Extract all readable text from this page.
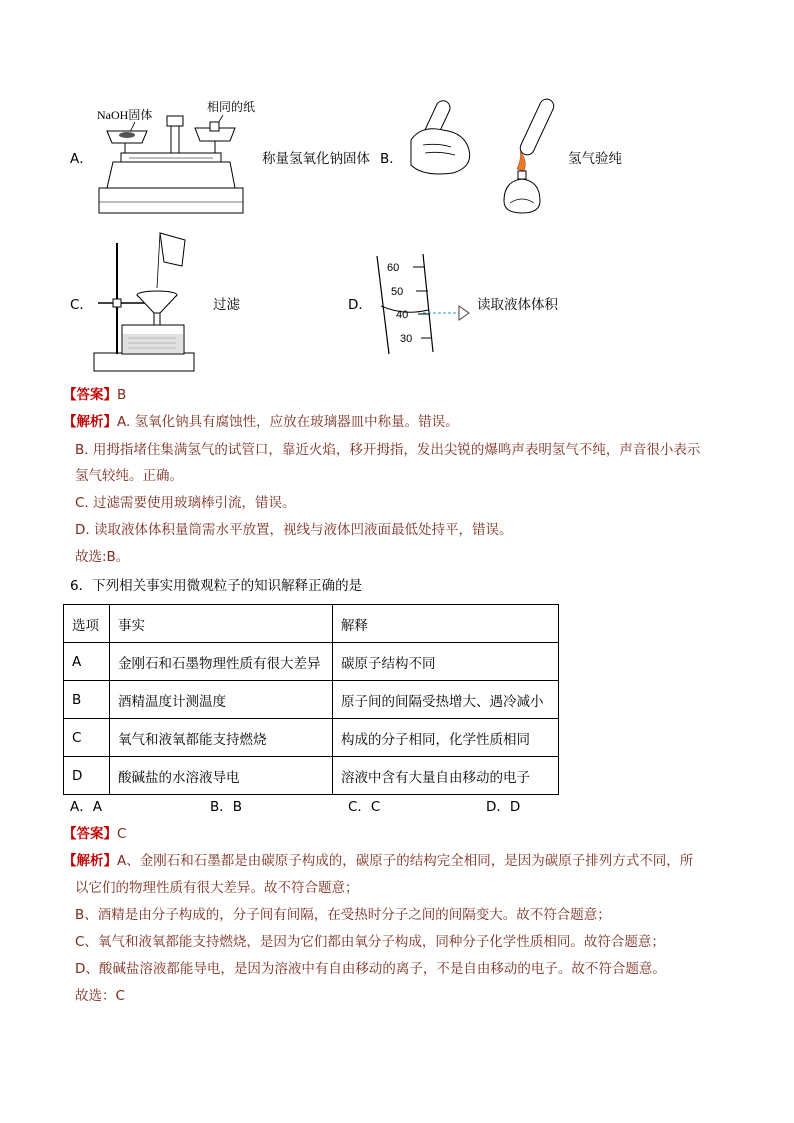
A．
NaOH固体
相同的纸
称量氢氧化钠固体 B．	氢气验纯
C．	过滤	D．
60
50
40
30
读取液体体积
【答案】B
【解析】A. 氢氧化钠具有腐蚀性，应放在玻璃器皿中称量。错误。
B. 用拇指堵住集满氢气的试管口，靠近火焰，移开拇指，发出尖锐的爆鸣声表明氢气不纯，声音很小表示
氢气较纯。正确。
C. 过滤需要使用玻璃棒引流，错误。
D. 读取液体体积量筒需水平放置，视线与液体凹液面最低处持平，错误。
故选:B。
6．下列相关事实用微观粒子的知识解释正确的是
选项	事实	解释
A	金刚石和石墨物理性质有很大差异	碳原子结构不同
B	酒精温度计测温度	原子间的间隔受热增大、遇冷减小
C	氧气和液氧都能支持燃烧	构成的分子相同，化学性质相同
D	酸碱盐的水溶液导电	溶液中含有大量自由移动的电子
A．A	B．B	C．C	D．D
【答案】C
【解析】A、金刚石和石墨都是由碳原子构成的，碳原子的结构完全相同，是因为碳原子排列方式不同，所
以它们的物理性质有很大差异。故不符合题意；
B、酒精是由分子构成的，分子间有间隔，在受热时分子之间的间隔变大。故不符合题意；
C、氧气和液氧都能支持燃烧，是因为它们都由氧分子构成，同种分子化学性质相同。故符合题意；
D、酸碱盐溶液都能导电，是因为溶液中有自由移动的离子，不是自由移动的电子。故不符合题意。
故选：C
